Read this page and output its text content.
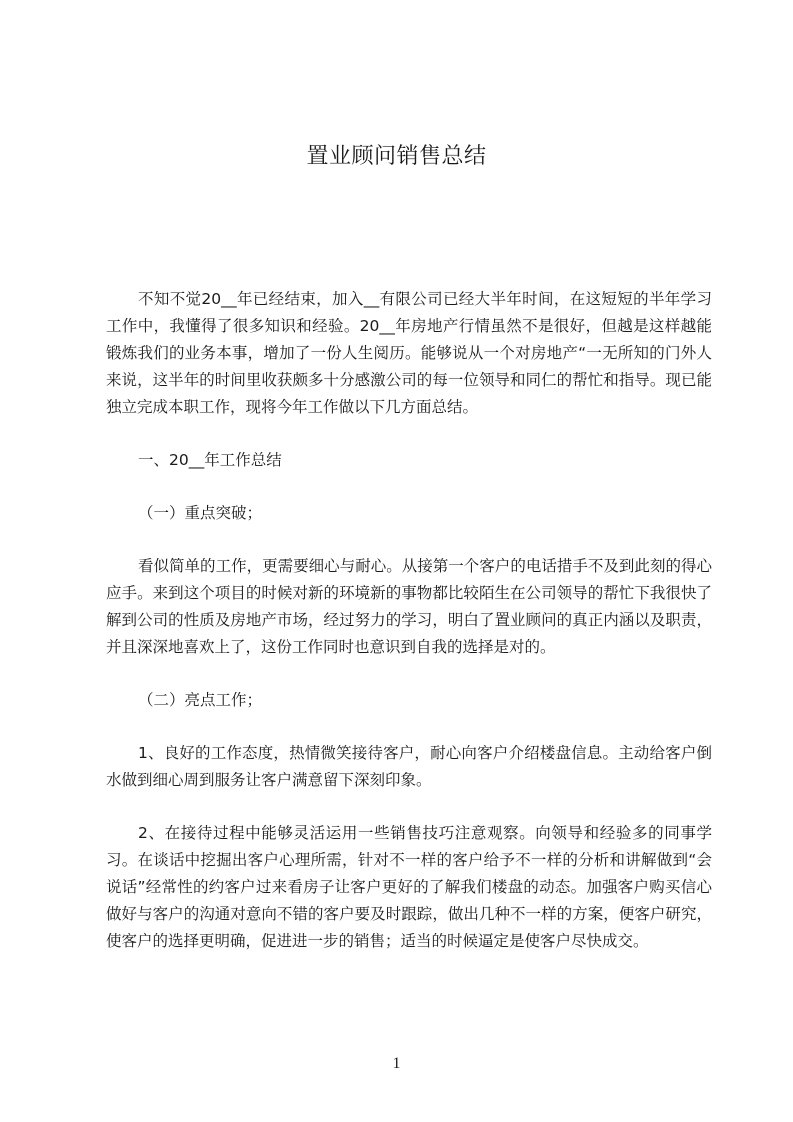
置业顾问销售总结

不知不觉20__年已经结束，加入__有限公司已经大半年时间，在这短短的半年学习工作中，我懂得了很多知识和经验。20__年房地产行情虽然不是很好，但越是这样越能锻炼我们的业务本事，增加了一份人生阅历。能够说从一个对房地产“一无所知的门外人来说，这半年的时间里收获颇多十分感激公司的每一位领导和同仁的帮忙和指导。现已能独立完成本职工作，现将今年工作做以下几方面总结。

一、20__年工作总结

（一）重点突破；

看似简单的工作，更需要细心与耐心。从接第一个客户的电话措手不及到此刻的得心应手。来到这个项目的时候对新的环境新的事物都比较陌生在公司领导的帮忙下我很快了解到公司的性质及房地产市场，经过努力的学习，明白了置业顾问的真正内涵以及职责，并且深深地喜欢上了，这份工作同时也意识到自我的选择是对的。

（二）亮点工作；

1、良好的工作态度，热情微笑接待客户，耐心向客户介绍楼盘信息。主动给客户倒水做到细心周到服务让客户满意留下深刻印象。

2、在接待过程中能够灵活运用一些销售技巧注意观察。向领导和经验多的同事学习。在谈话中挖掘出客户心理所需，针对不一样的客户给予不一样的分析和讲解做到“会说话”经常性的约客户过来看房子让客户更好的了解我们楼盘的动态。加强客户购买信心做好与客户的沟通对意向不错的客户要及时跟踪，做出几种不一样的方案，便客户研究，使客户的选择更明确，促进进一步的销售；适当的时候逼定是使客户尽快成交。

1
